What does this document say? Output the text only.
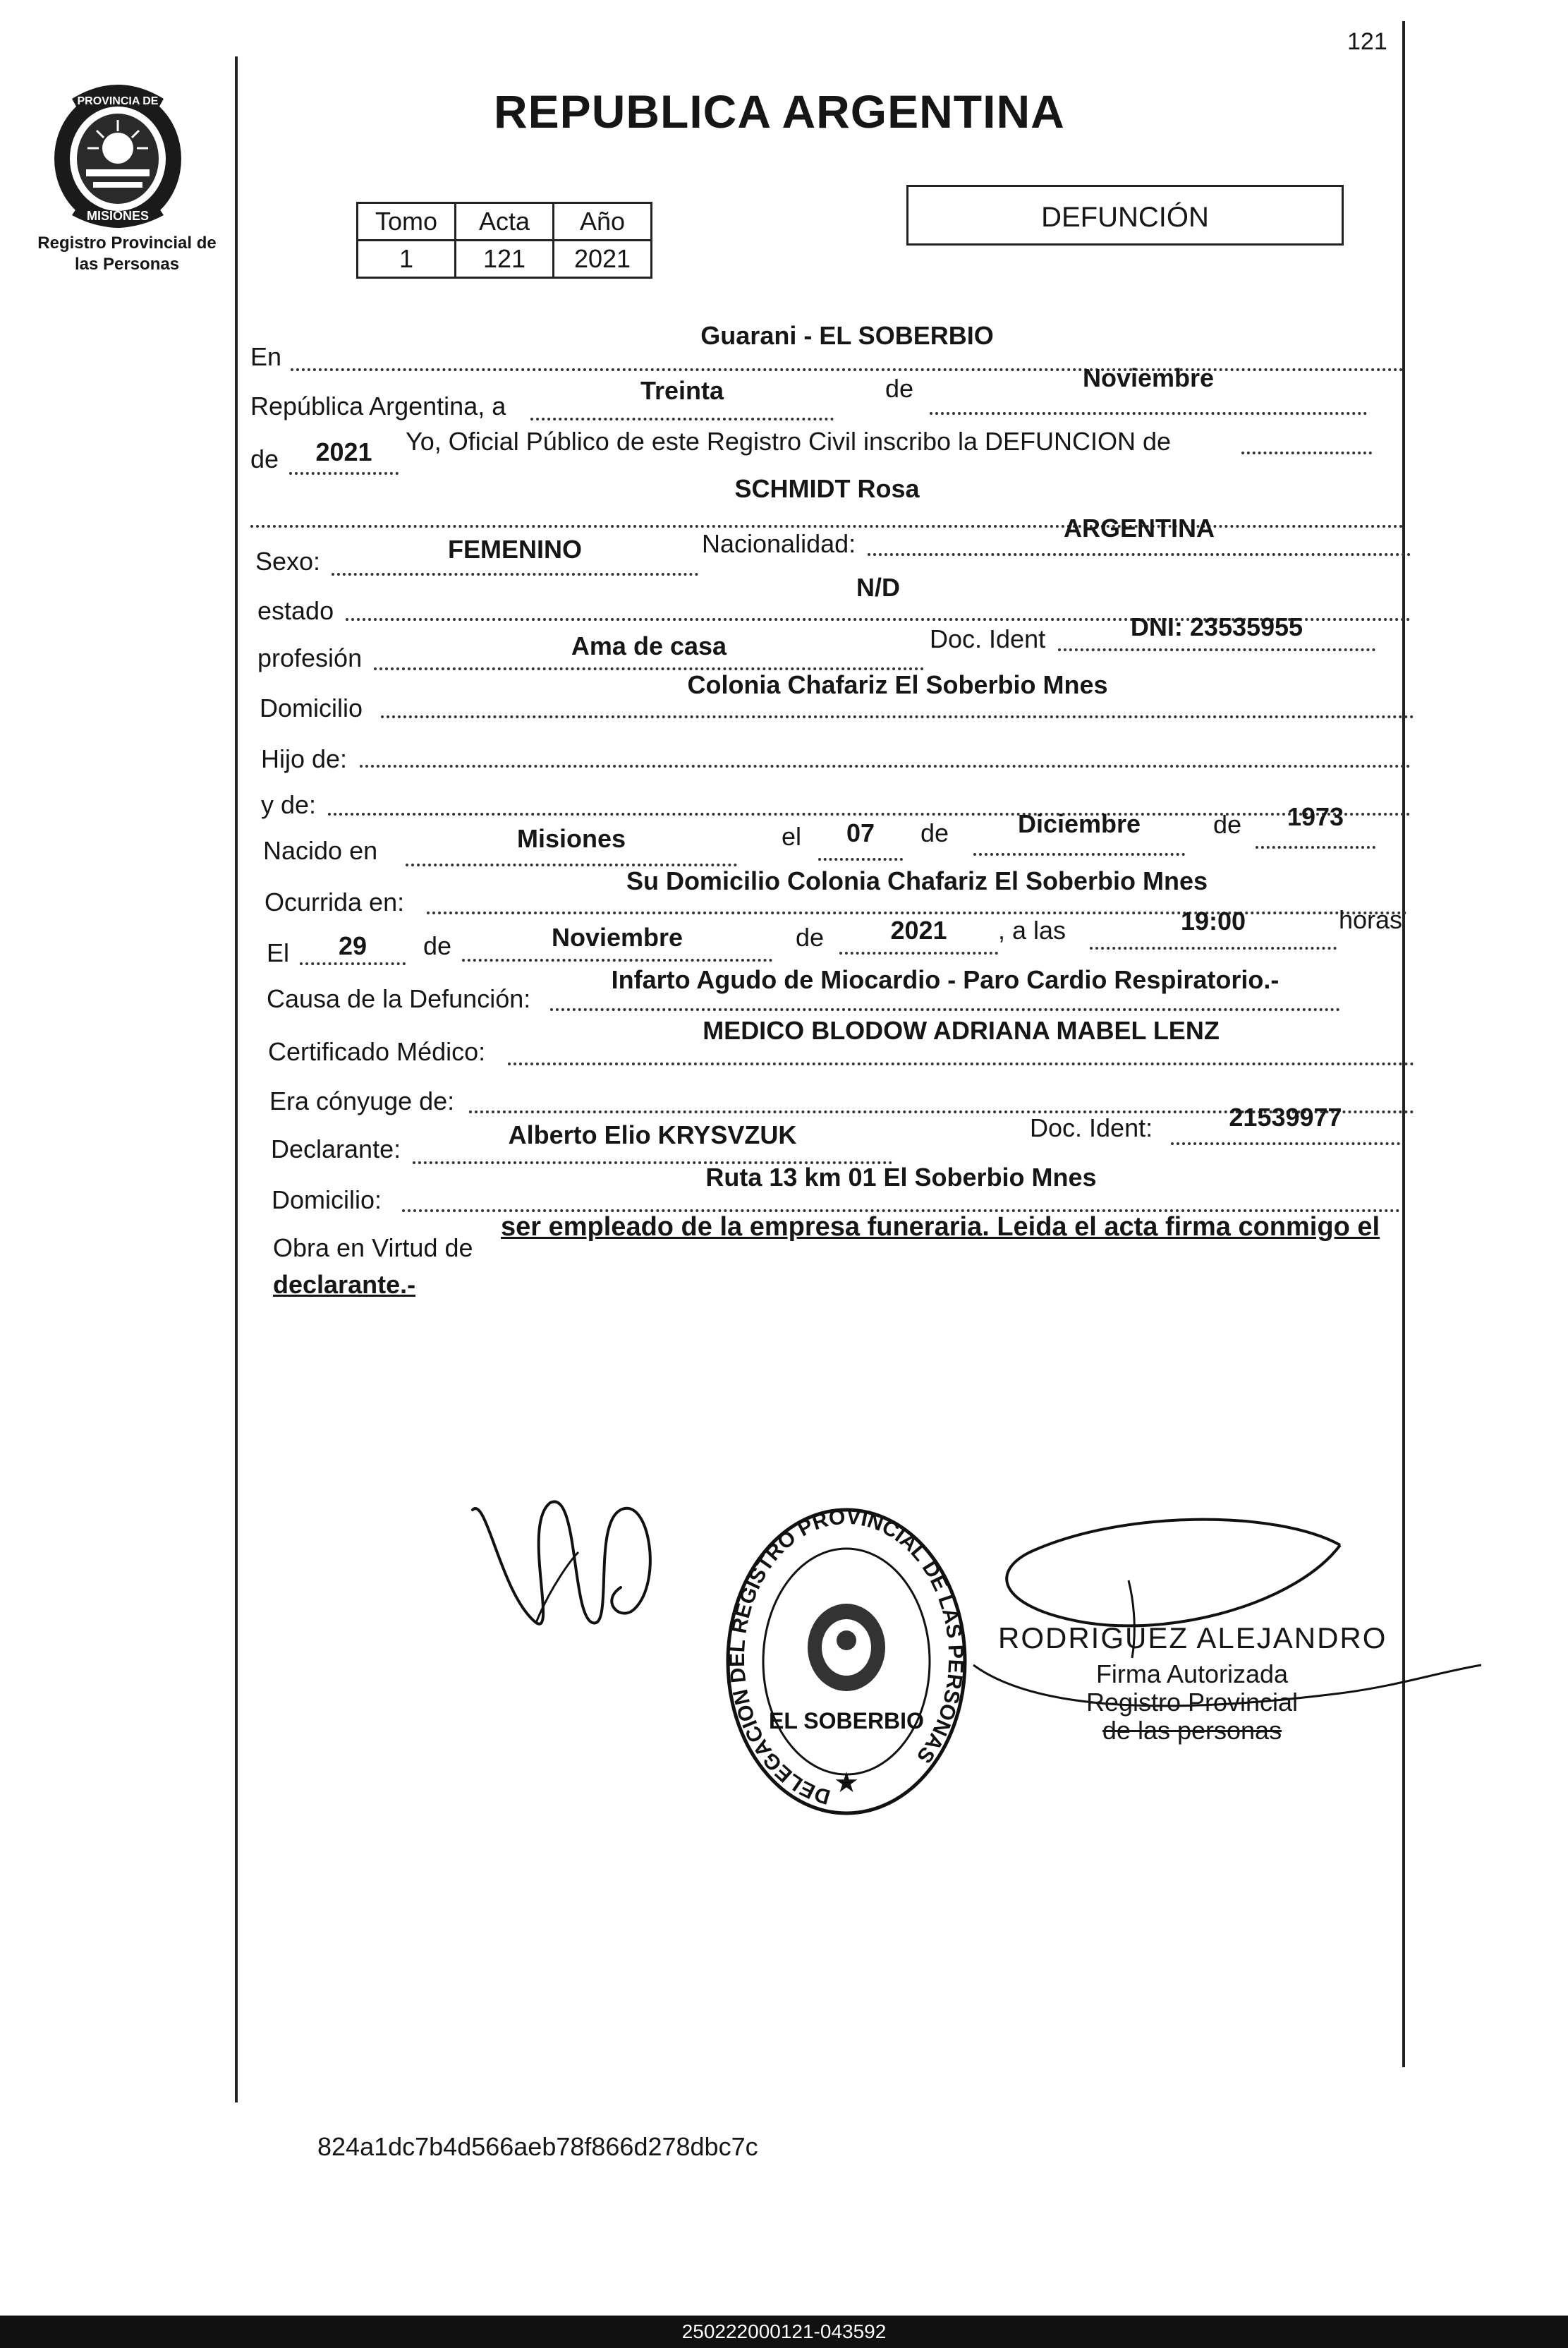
121
PROVINCIA DE
MISIONES
Registro Provincial de
las Personas
REPUBLICA ARGENTINA
Tomo	Acta	Año
1	121	2021
DEFUNCIÓN
En
Guarani - EL SOBERBIO
República Argentina, a
Treinta	de	Noviembre
de	2021	Yo, Oficial Público de este Registro Civil inscribo la DEFUNCION de
SCHMIDT Rosa
Sexo:	FEMENINO	Nacionalidad:
ARGENTINA
estado
N/D
profesión	Ama de casa	Doc. Ident	DNI: 23535955
Domicilio
Colonia Chafariz El Soberbio Mnes
Hijo de:
y de:
Nacido en	Misiones	el	07	de	Diciembre	de	1973
Ocurrida en:
Su Domicilio Colonia Chafariz El Soberbio Mnes
El	29	de	Noviembre	de	2021	, a las	19:00	horas
Causa de la Defunción:
Infarto Agudo de Miocardio - Paro Cardio Respiratorio.-
Certificado Médico:
MEDICO BLODOW ADRIANA MABEL LENZ
Era cónyuge de:
Declarante:	Alberto Elio KRYSVZUK	Doc. Ident:	21539977
Domicilio:
Ruta 13 km 01 El Soberbio Mnes
Obra en Virtud de
ser empleado de la empresa funeraria. Leida el acta firma conmigo el
declarante.-
DELEGACION DEL REGISTRO PROVINCIAL DE LAS PERSONAS
EL SOBERBIO
★
RODRIGUEZ ALEJANDRO
Firma Autorizada
Registro Provincial
de las personas
824a1dc7b4d566aeb78f866d278dbc7c
250222000121-043592
